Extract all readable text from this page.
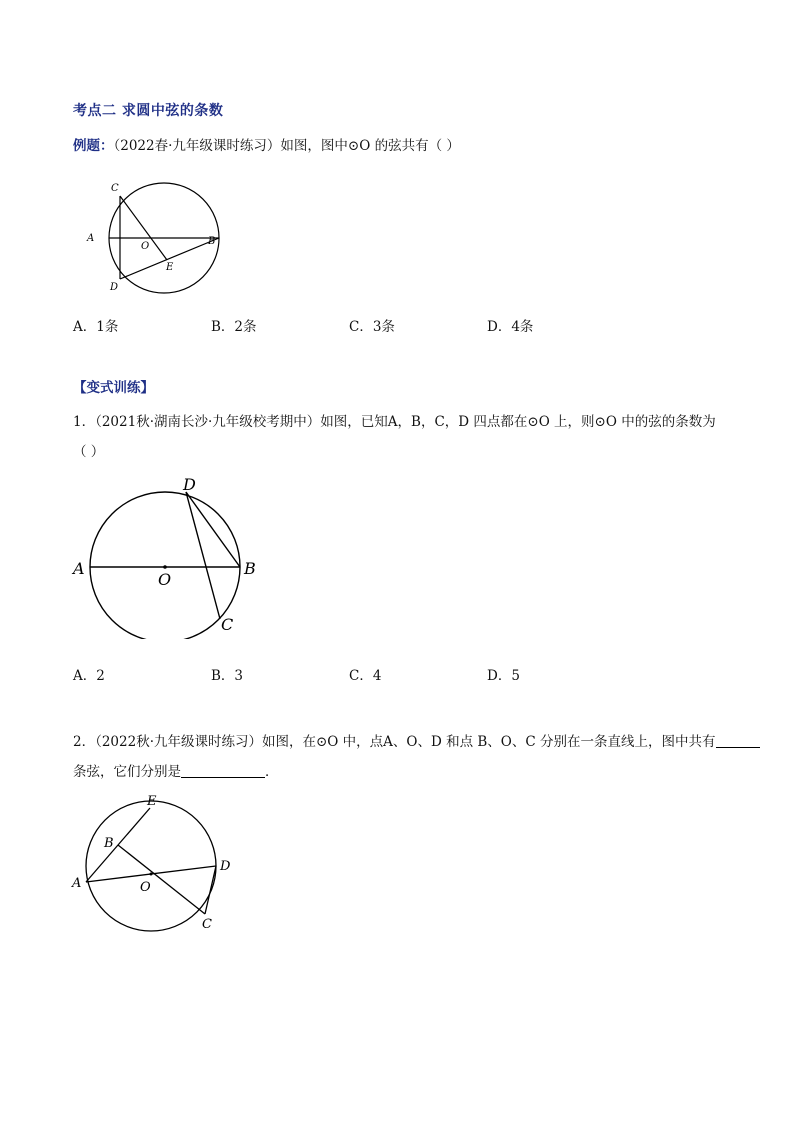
考点二 求圆中弦的条数
例题：（2022春·九年级课时练习）如图，图中⊙O 的弦共有（ ）
C
A	B
O
E
D
A．1条	B．2条	C．3条	D．4条
【变式训练】
1．（2021秋·湖南长沙·九年级校考期中）如图，已知A，B，C，D 四点都在⊙O 上，则⊙O 中的弦的条数为
（ ）
D
A	B
O
C
A．2	B．3	C．4	D．5
2．（2022秋·九年级课时练习）如图，在⊙O 中，点A、O、D 和点 B、O、C 分别在一条直线上，图中共有
条弦，它们分别是	．
E
B
A	O
D
C
